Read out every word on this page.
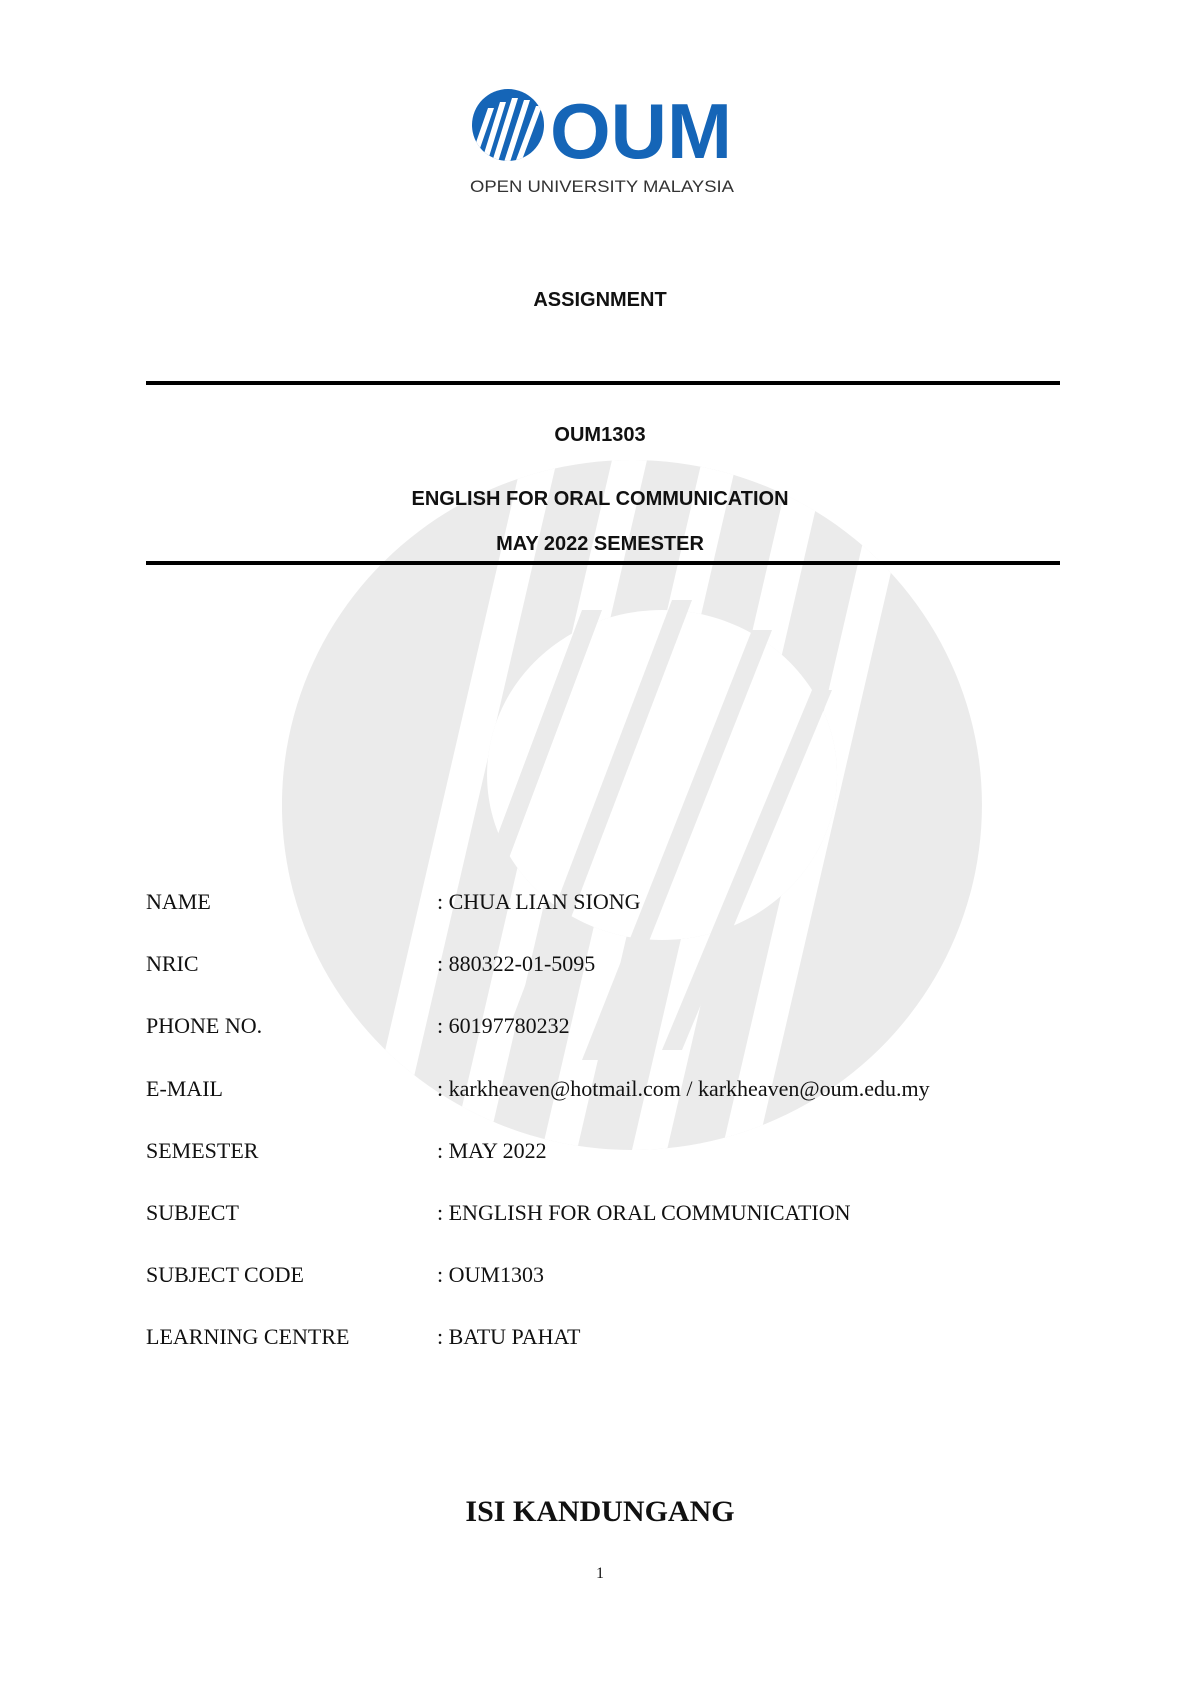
OUM
OPEN UNIVERSITY MALAYSIA
ASSIGNMENT
OUM1303
ENGLISH FOR ORAL COMMUNICATION
MAY 2022 SEMESTER
NAME	: CHUA LIAN SIONG
NRIC	: 880322-01-5095
PHONE NO.	: 60197780232
E-MAIL	: karkheaven@hotmail.com / karkheaven@oum.edu.my
SEMESTER	: MAY 2022
SUBJECT	: ENGLISH FOR ORAL COMMUNICATION
SUBJECT CODE	: OUM1303
LEARNING CENTRE	: BATU PAHAT
ISI KANDUNGANG
1
